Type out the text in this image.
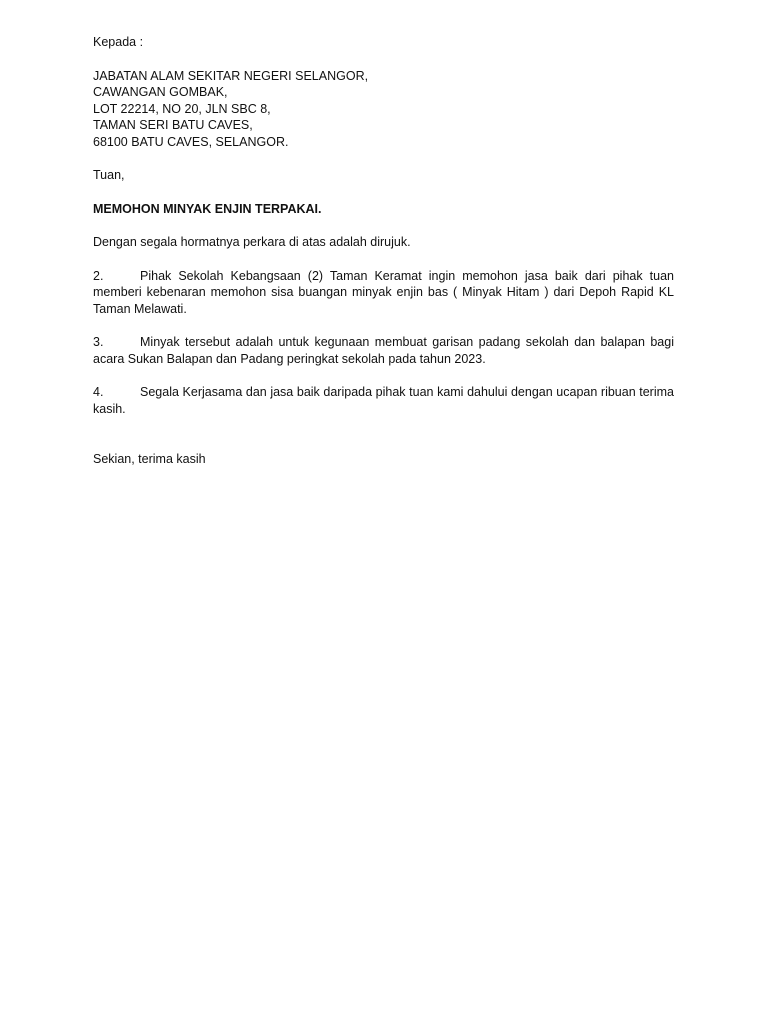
Kepada :
JABATAN ALAM SEKITAR NEGERI SELANGOR,
CAWANGAN GOMBAK,
LOT 22214, NO 20, JLN SBC 8,
TAMAN SERI BATU CAVES,
68100 BATU CAVES, SELANGOR.
Tuan,
MEMOHON MINYAK ENJIN TERPAKAI.
Dengan segala hormatnya perkara di atas adalah dirujuk.
2.	Pihak Sekolah Kebangsaan (2) Taman Keramat ingin memohon jasa baik dari pihak tuan memberi kebenaran memohon sisa buangan minyak enjin bas ( Minyak Hitam ) dari Depoh Rapid KL Taman Melawati.
3.	Minyak tersebut adalah untuk kegunaan membuat garisan padang sekolah dan balapan bagi acara Sukan Balapan dan Padang peringkat sekolah pada tahun 2023.
4.	Segala Kerjasama dan jasa baik daripada pihak tuan kami dahului dengan ucapan ribuan terima kasih.
Sekian, terima kasih
